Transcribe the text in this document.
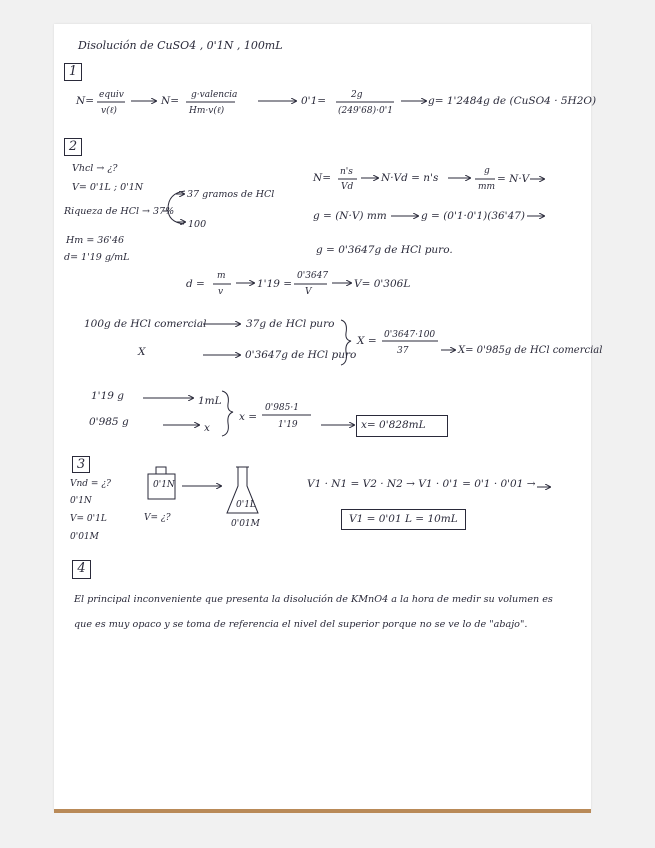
Disolución de CuSO4 , 0'1N , 100mL
1
N= equiv
v(ℓ)
N= g·valencia
Hm·v(ℓ)
0'1=	2g
(249'68)·0'1
g= 1'2484g de (CuSO4 · 5H2O)
2
Vhcl → ¿?
V= 0'1L ; 0'1N
Riqueza de HCl → 37%
37 gramos de HCl
100
Hm = 36'46
d= 1'19 g/mL
N= n's
Vd
N·Vd = n's
g
mm
= N·V
g = (N·V) mm	g = (0'1·0'1)(36'47)
g = 0'3647g de HCl puro.
d =
m
v
1'19 =
0'3647
V
V= 0'306L
100g de HCl comercial	37g de HCl puro
X	0'3647g de HCl puro
X = 0'3647·100
37	X= 0'985g de HCl comercial
1'19 g	1mL
0'985 g	x
x =
0'985·1
1'19	x= 0'828mL
3
Vnd = ¿?
0'1N
V= 0'1L
0'01M
0'1N
V= ¿?
0'1L
0'01M
V1 · N1 = V2 · N2 → V1 · 0'1 = 0'1 · 0'01 →
V1 = 0'01 L = 10mL
4
El principal inconveniente que presenta la disolución de KMnO4 a la hora de medir su volumen es
que es muy opaco y se toma de referencia el nivel del superior porque no se ve lo de "abajo".
